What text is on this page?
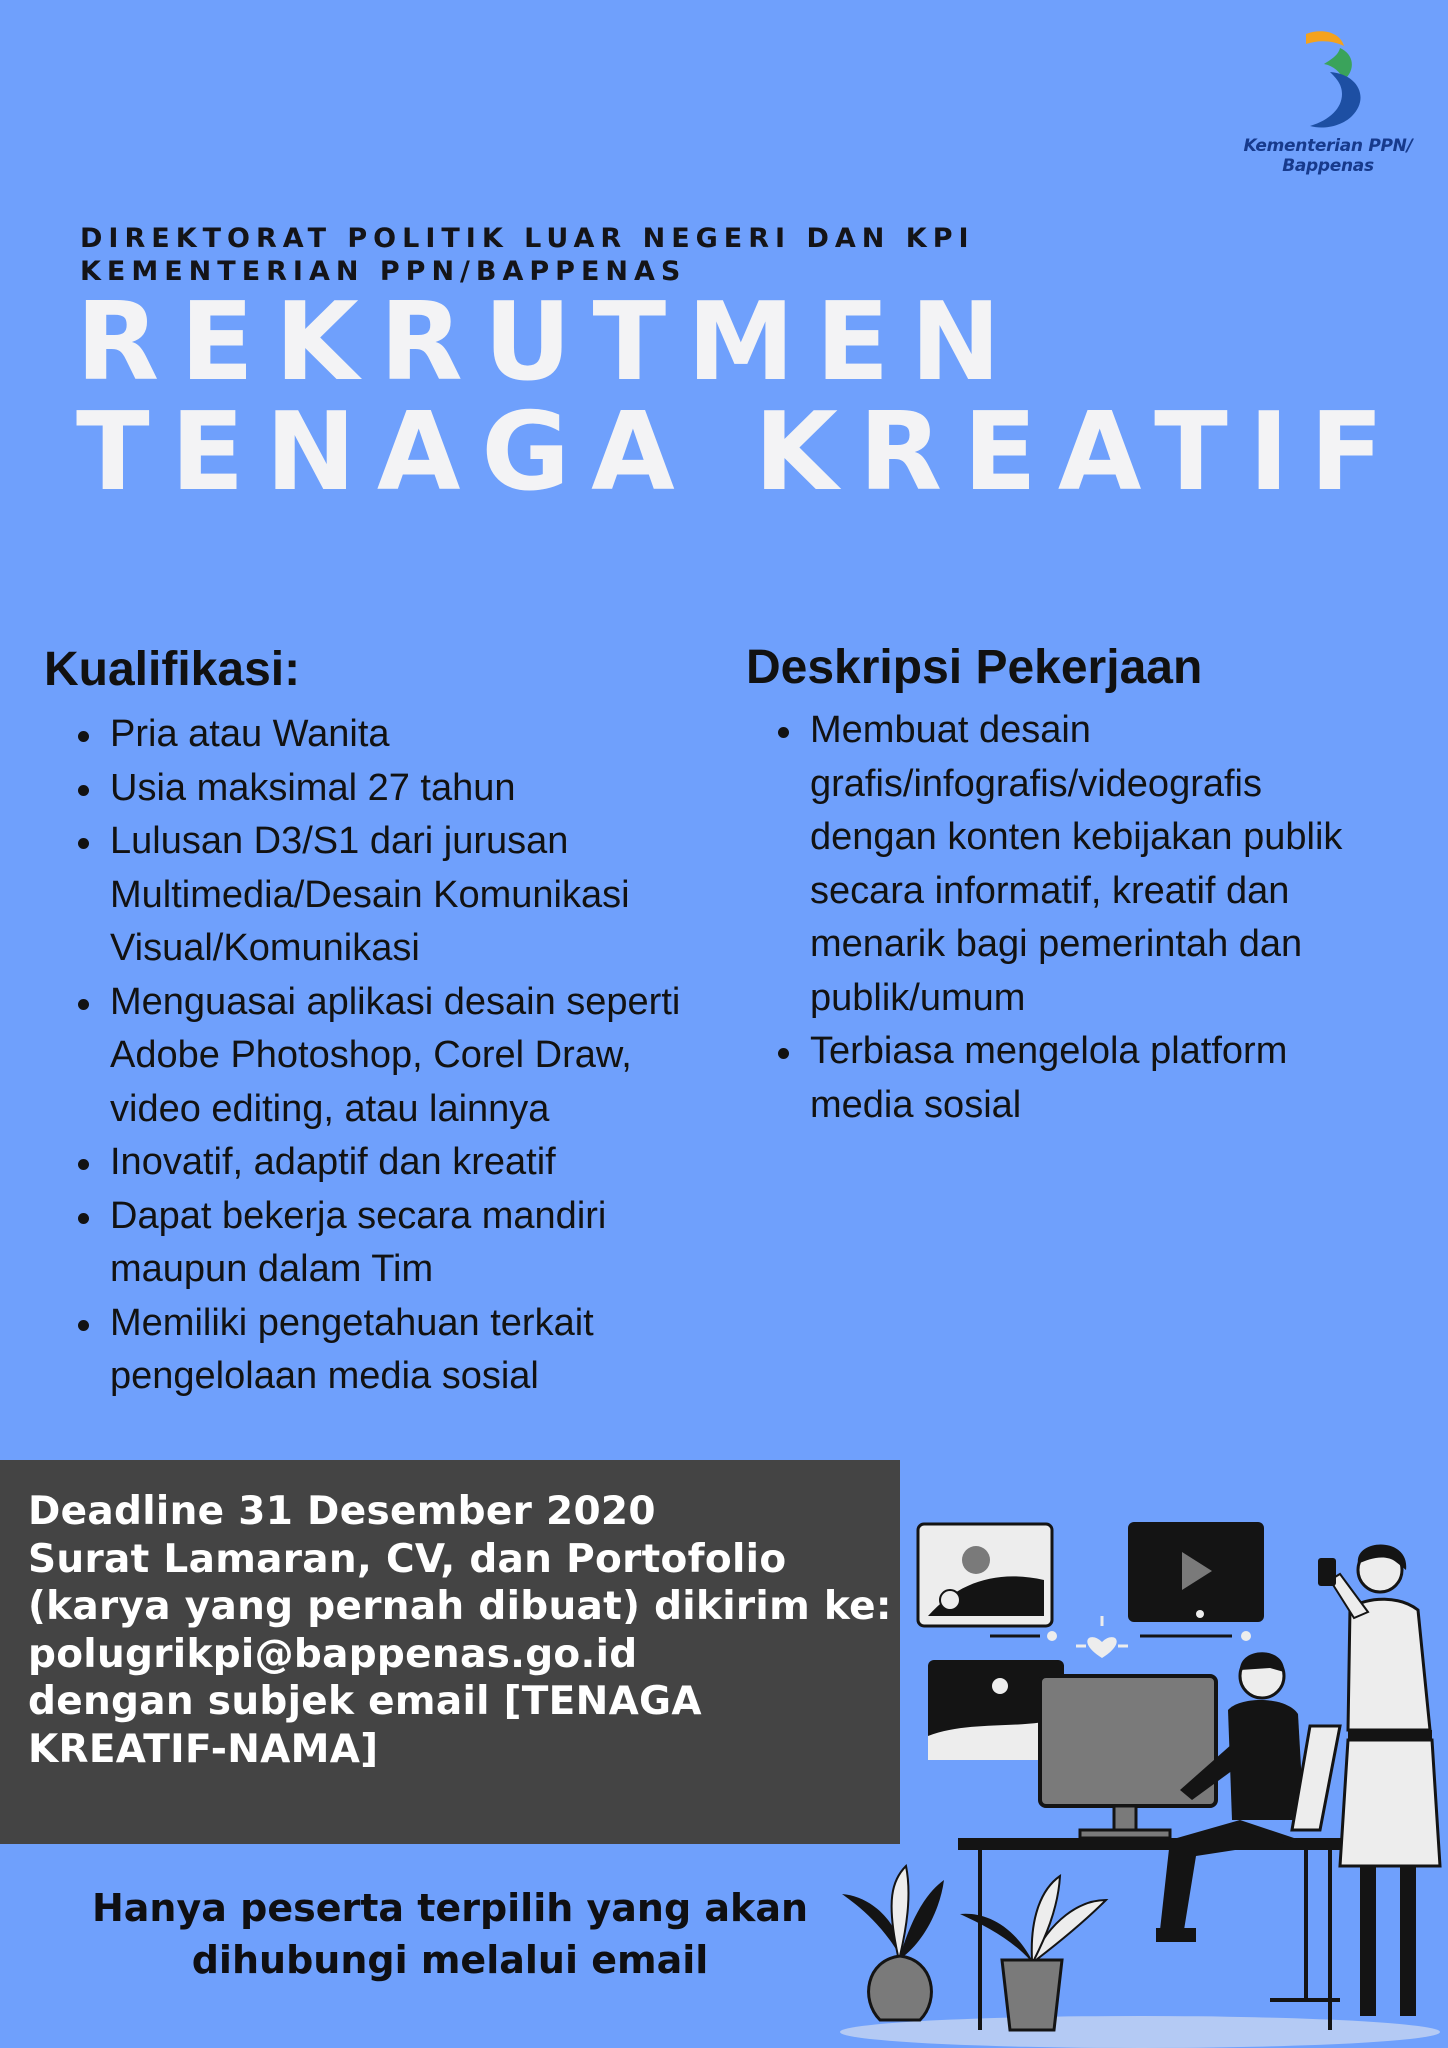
Kementerian PPN/
Bappenas
DIREKTORAT POLITIK LUAR NEGERI DAN KPI
KEMENTERIAN PPN/BAPPENAS
REKRUTMEN
TENAGA KREATIF
Kualifikasi:
Pria atau Wanita
Usia maksimal 27 tahun
Lulusan D3/S1 dari jurusan
Multimedia/Desain Komunikasi
Visual/Komunikasi
Menguasai aplikasi desain seperti
Adobe Photoshop, Corel Draw,
video editing, atau lainnya
Inovatif, adaptif dan kreatif
Dapat bekerja secara mandiri
maupun dalam Tim
Memiliki pengetahuan terkait
pengelolaan media sosial
Deskripsi Pekerjaan
Membuat desain
grafis/infografis/videografis
dengan konten kebijakan publik
secara informatif, kreatif dan
menarik bagi pemerintah dan
publik/umum
Terbiasa mengelola platform
media sosial
Deadline 31 Desember 2020
Surat Lamaran, CV, dan Portofolio
(karya yang pernah dibuat) dikirim ke:
polugrikpi@bappenas.go.id
dengan subjek email [TENAGA
KREATIF-NAMA]
Hanya peserta terpilih yang akan
dihubungi melalui email
